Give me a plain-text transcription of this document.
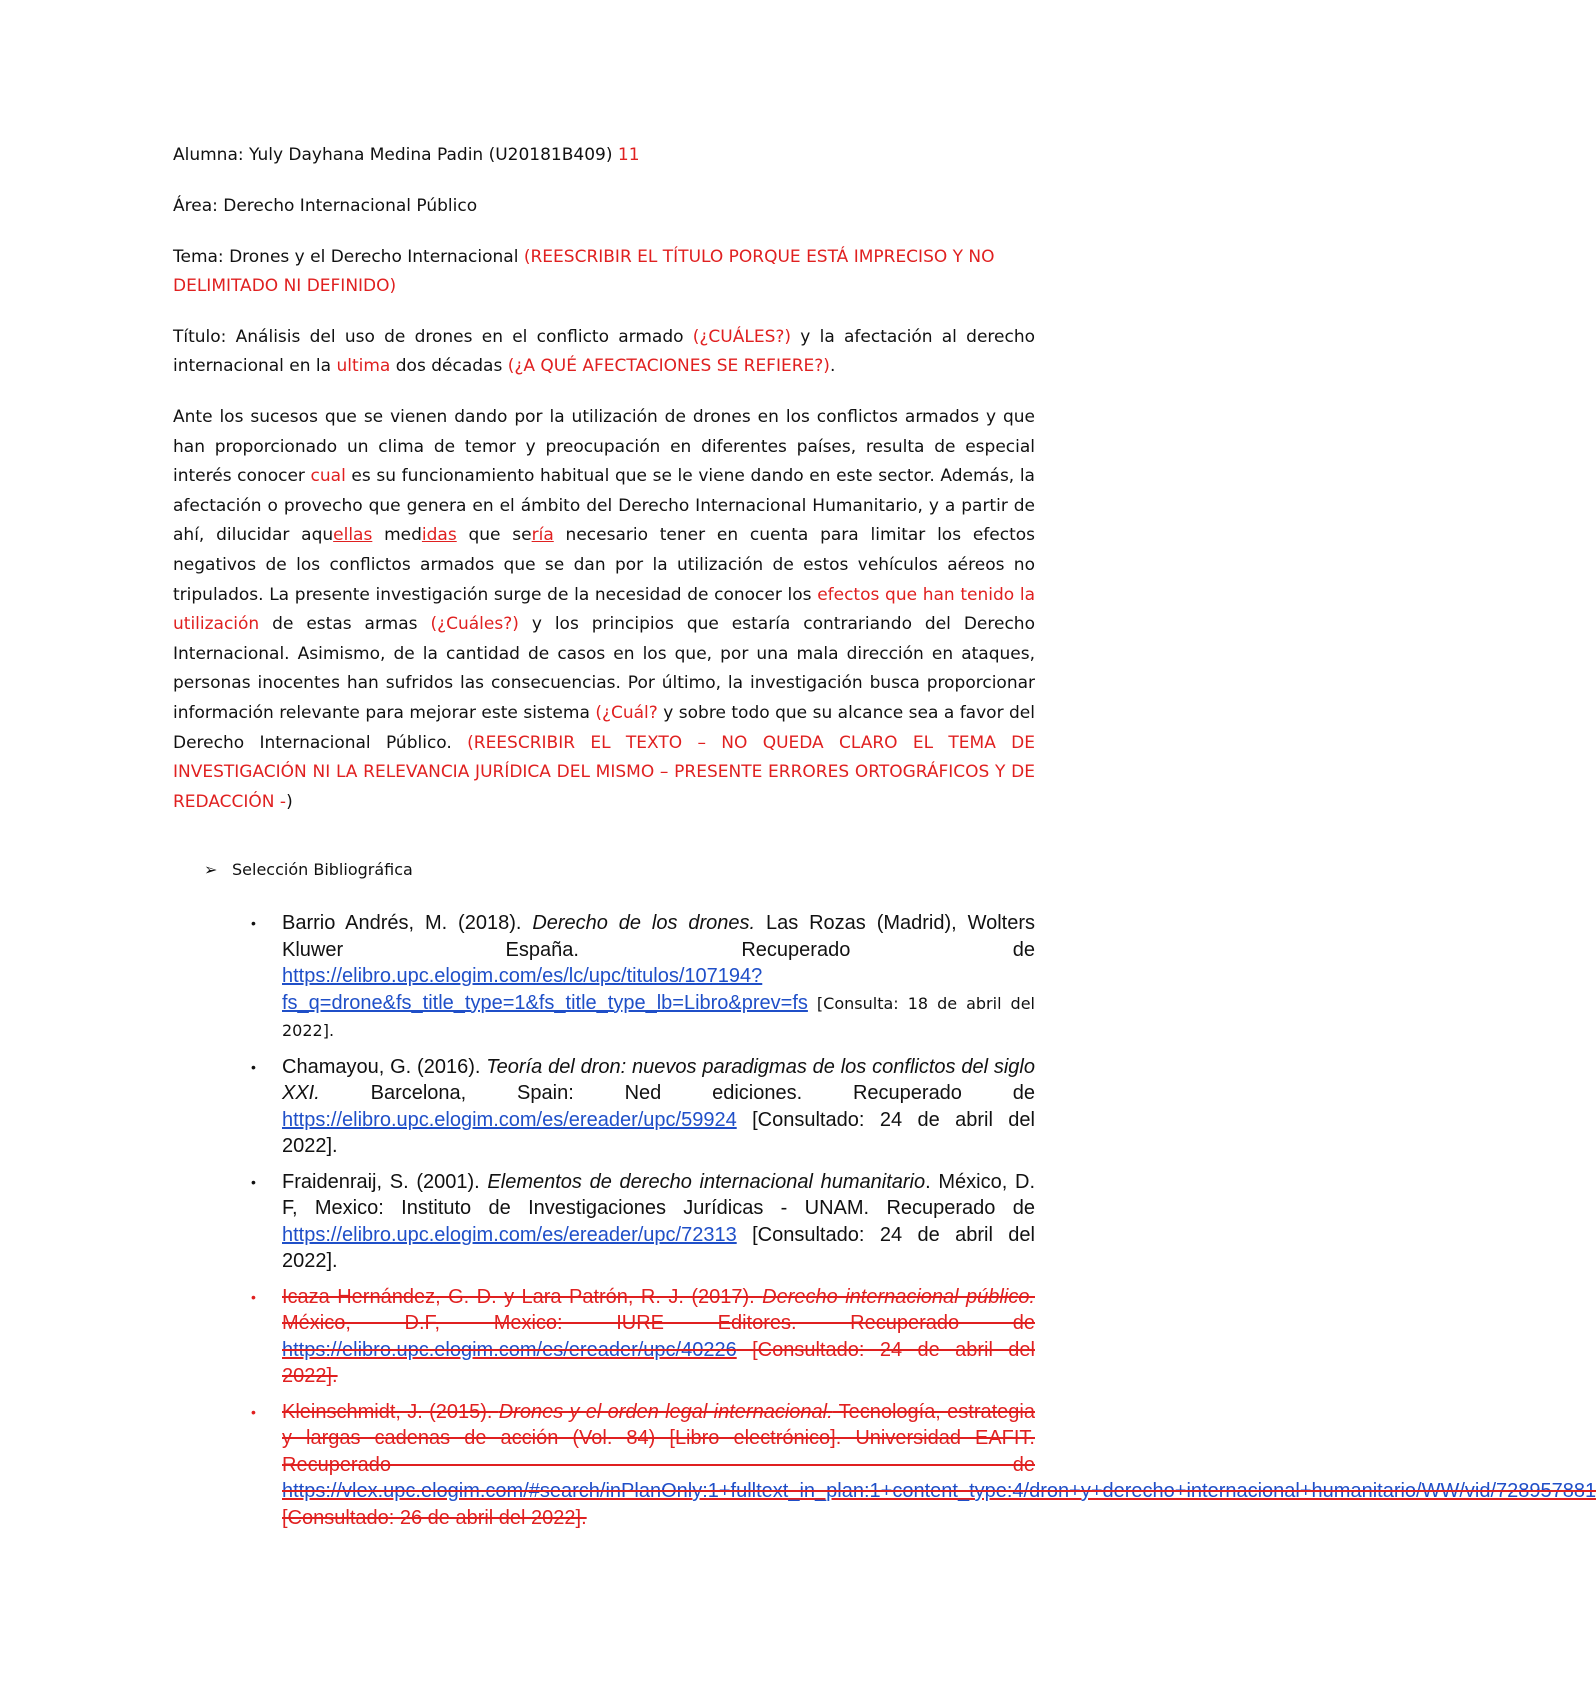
Alumna: Yuly Dayhana Medina Padin (U20181B409) 11

Área: Derecho Internacional Público

Tema: Drones y el Derecho Internacional (REESCRIBIR EL TÍTULO PORQUE ESTÁ IMPRECISO Y NO DELIMITADO NI DEFINIDO)

Título: Análisis del uso de drones en el conflicto armado (¿CUÁLES?) y la afectación al derecho internacional en la ultima dos décadas (¿A QUÉ AFECTACIONES SE REFIERE?).

Ante los sucesos que se vienen dando por la utilización de drones en los conflictos armados y que han proporcionado un clima de temor y preocupación en diferentes países, resulta de especial interés conocer cual es su funcionamiento habitual que se le viene dando en este sector. Además, la afectación o provecho que genera en el ámbito del Derecho Internacional Humanitario, y a partir de ahí, dilucidar aquellas medidas que sería necesario tener en cuenta para limitar los efectos negativos de los conflictos armados que se dan por la utilización de estos vehículos aéreos no tripulados. La presente investigación surge de la necesidad de conocer los efectos que han tenido la utilización de estas armas (¿Cuáles?) y los principios que estaría contrariando del Derecho Internacional. Asimismo, de la cantidad de casos en los que, por una mala dirección en ataques, personas inocentes han sufridos las consecuencias. Por último, la investigación busca proporcionar información relevante para mejorar este sistema (¿Cuál? y sobre todo que su alcance sea a favor del Derecho Internacional Público. (REESCRIBIR EL TEXTO – NO QUEDA CLARO EL TEMA DE INVESTIGACIÓN NI LA RELEVANCIA JURÍDICA DEL MISMO – PRESENTE ERRORES ORTOGRÁFICOS Y DE REDACCIÓN -)

➢ Selección Bibliográfica
• Barrio Andrés, M. (2018). Derecho de los drones. Las Rozas (Madrid), Wolters Kluwer España. Recuperado de https://elibro.upc.elogim.com/es/lc/upc/titulos/107194?fs_q=drone&fs_title_type=1&fs_title_type_lb=Libro&prev=fs [Consulta: 18 de abril del 2022].
• Chamayou, G. (2016). Teoría del dron: nuevos paradigmas de los conflictos del siglo XXI. Barcelona, Spain: Ned ediciones. Recuperado de https://elibro.upc.elogim.com/es/ereader/upc/59924 [Consultado: 24 de abril del 2022].
• Fraidenraij, S. (2001). Elementos de derecho internacional humanitario. México, D. F, Mexico: Instituto de Investigaciones Jurídicas - UNAM. Recuperado de https://elibro.upc.elogim.com/es/ereader/upc/72313 [Consultado: 24 de abril del 2022].
• Icaza Hernández, G. D. y Lara Patrón, R. J. (2017). Derecho internacional público. México, D.F, Mexico: IURE Editores. Recuperado de https://elibro.upc.elogim.com/es/ereader/upc/40226 [Consultado: 24 de abril del 2022].
• Kleinschmidt, J. (2015). Drones y el orden legal internacional. Tecnología, estrategia y largas cadenas de acción (Vol. 84) [Libro electrónico]. Universidad EAFIT. Recuperado de https://vlex.upc.elogim.com/#search/inPlanOnly:1+fulltext_in_plan:1+content_type:4/dron+y+derecho+internacional+humanitario/WW/vid/728957881 [Consultado: 26 de abril del 2022].
